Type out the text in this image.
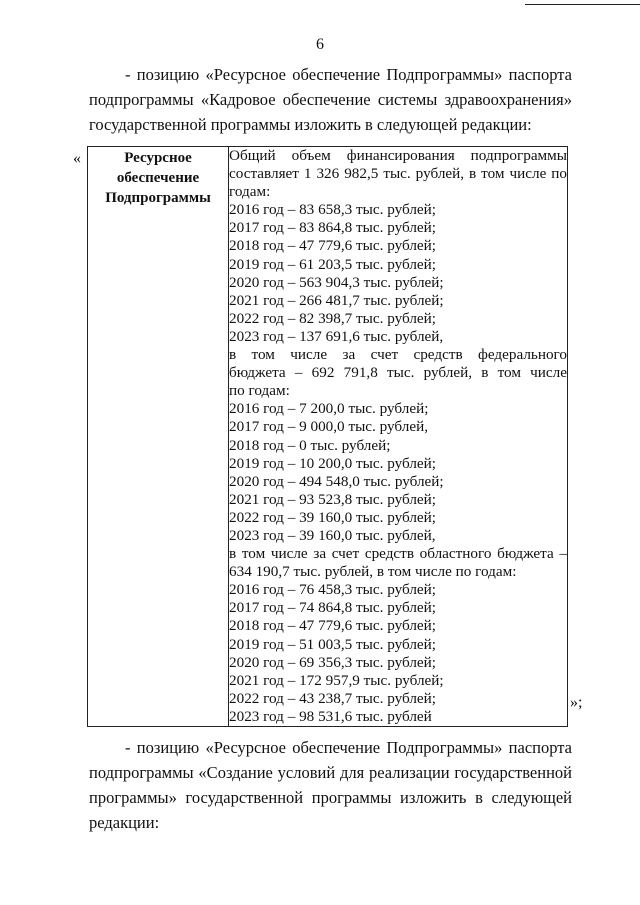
6
- позицию «Ресурсное обеспечение Подпрограммы» паспорта
подпрограммы «Кадровое обеспечение системы здравоохранения»
государственной программы изложить в следующей редакции:
«	Ресурсное
обеспечение
Подпрограммы

Общий объем финансирования подпрограммы
составляет 1 326 982,5 тыс. рублей, в том числе по
годам:
2016 год – 83 658,3 тыс. рублей;
2017 год – 83 864,8 тыс. рублей;
2018 год – 47 779,6 тыс. рублей;
2019 год – 61 203,5 тыс. рублей;
2020 год – 563 904,3 тыс. рублей;
2021 год – 266 481,7 тыс. рублей;
2022 год – 82 398,7 тыс. рублей;
2023 год – 137 691,6 тыс. рублей,
в том числе за счет средств федерального
бюджета – 692 791,8 тыс. рублей, в том числе
по годам:
2016 год – 7 200,0 тыс. рублей;
2017 год – 9 000,0 тыс. рублей,
2018 год – 0 тыс. рублей;
2019 год – 10 200,0 тыс. рублей;
2020 год – 494 548,0 тыс. рублей;
2021 год – 93 523,8 тыс. рублей;
2022 год – 39 160,0 тыс. рублей;
2023 год – 39 160,0 тыс. рублей,
в том числе за счет средств областного бюджета –
634 190,7 тыс. рублей, в том числе по годам:
2016 год – 76 458,3 тыс. рублей;
2017 год – 74 864,8 тыс. рублей;
2018 год – 47 779,6 тыс. рублей;
2019 год – 51 003,5 тыс. рублей;
2020 год – 69 356,3 тыс. рублей;
2021 год – 172 957,9 тыс. рублей;
2022 год – 43 238,7 тыс. рублей;
2023 год – 98 531,6 тыс. рублей
»;
- позицию «Ресурсное обеспечение Подпрограммы» паспорта
подпрограммы «Создание условий для реализации государственной
программы» государственной программы изложить в следующей
редакции:
